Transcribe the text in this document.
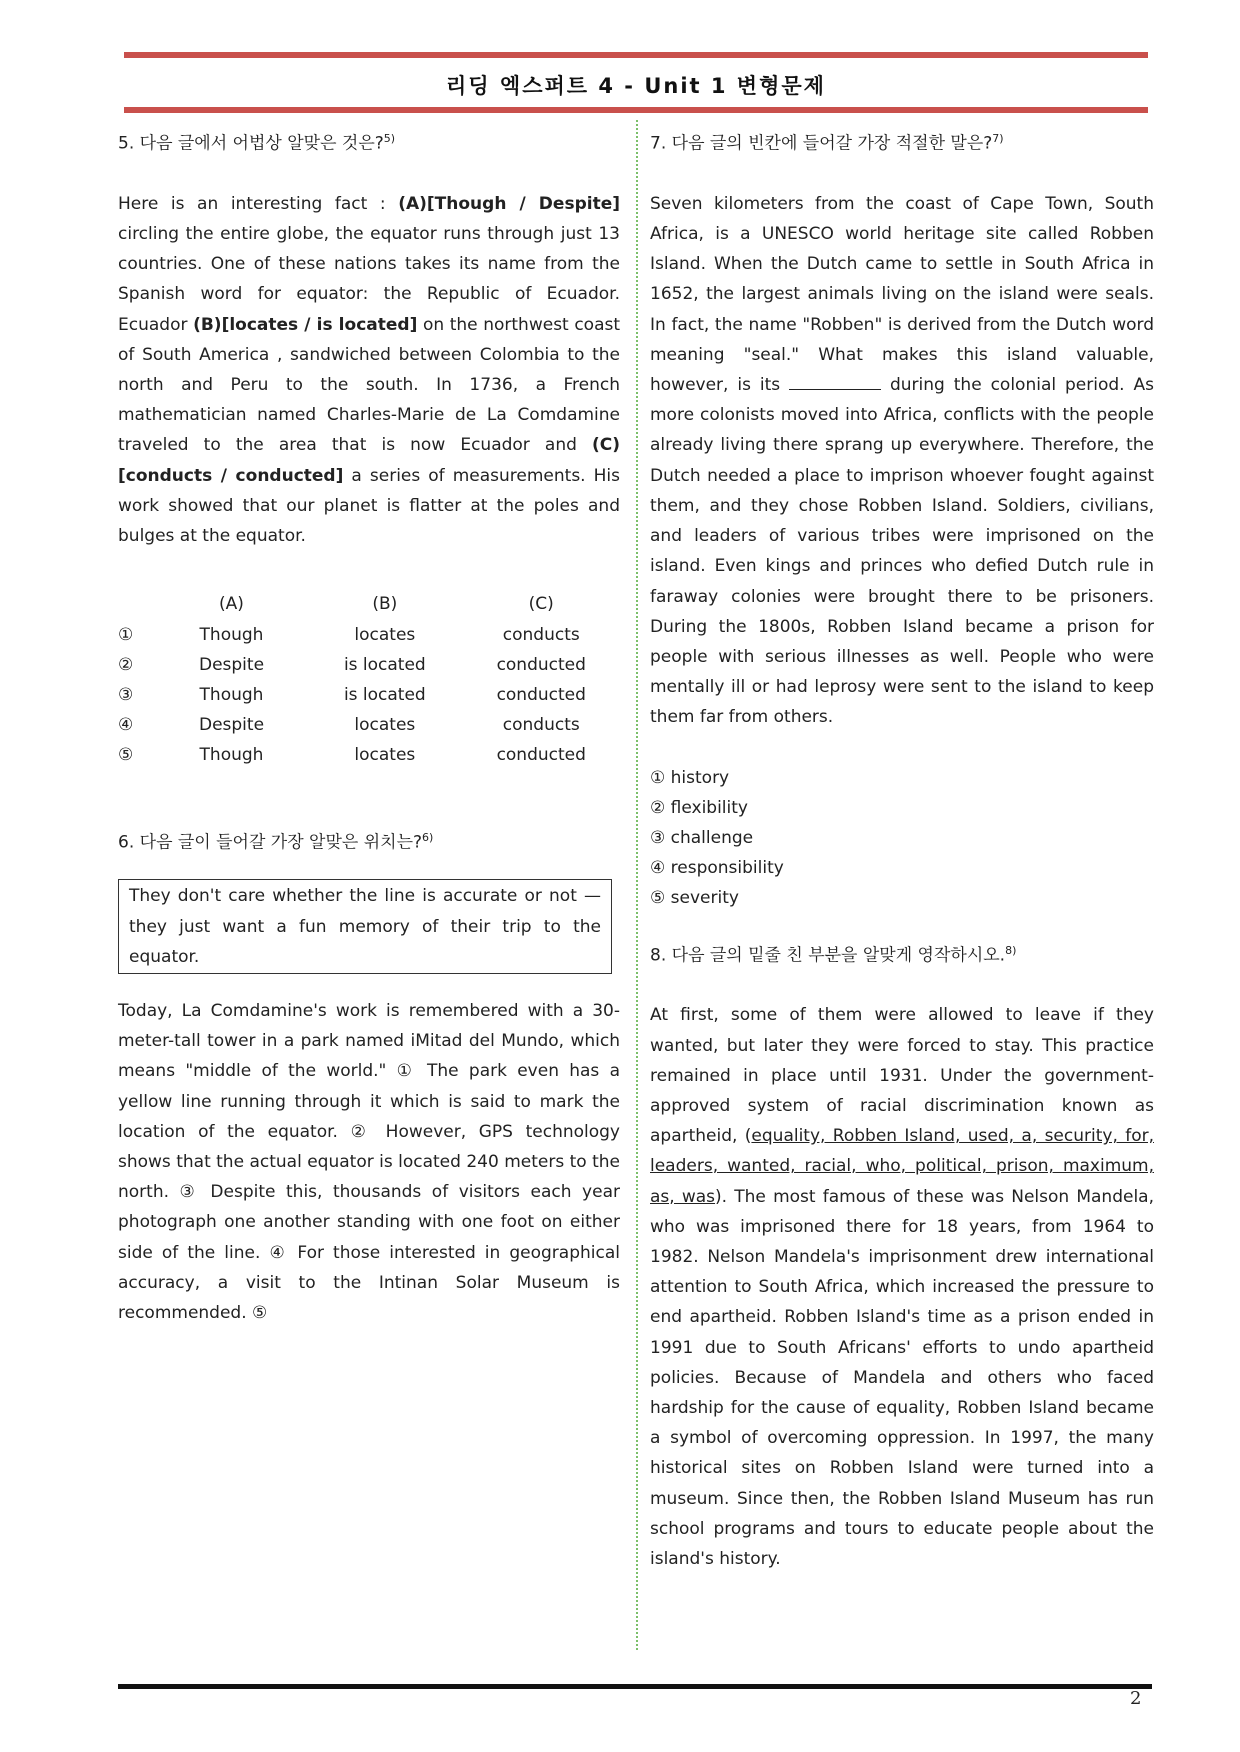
리딩 엑스퍼트 4 - Unit 1 변형문제
5. 다음 글에서 어법상 알맞은 것은?$^{5)}$

Here is an interesting fact : (A)[Though / Despite] circling the entire globe, the equator runs through just 13 countries. One of these nations takes its name from the Spanish word for equator: the Republic of Ecuador. Ecuador (B)[locates / is located] on the northwest coast of South America , sandwiched between Colombia to the north and Peru to the south. In 1736, a French mathematician named Charles-Marie de La Comdamine traveled to the area that is now Ecuador and (C)[conducts / conducted] a series of measurements. His work showed that our planet is flatter at the poles and bulges at the equator.

	(A)	(B)	(C)
①	Though	locates	conducts
②	Despite	is located	conducted
③	Though	is located	conducted
④	Despite	locates	conducts
⑤	Though	locates	conducted
6. 다음 글이 들어갈 가장 알맞은 위치는?$^{6)}$

They don't care whether the line is accurate or not — they just want a fun memory of their trip to the equator.

Today, La Comdamine's work is remembered with a 30-meter-tall tower in a park named iMitad del Mundo, which means "middle of the world." ① The park even has a yellow line running through it which is said to mark the location of the equator. ② However, GPS technology shows that the actual equator is located 240 meters to the north. ③ Despite this, thousands of visitors each year photograph one another standing with one foot on either side of the line. ④ For those interested in geographical accuracy, a visit to the Intinan Solar Museum is recommended. ⑤

7. 다음 글의 빈칸에 들어갈 가장 적절한 말은?$^{7)}$

Seven kilometers from the coast of Cape Town, South Africa, is a UNESCO world heritage site called Robben Island. When the Dutch came to settle in South Africa in 1652, the largest animals living on the island were seals. In fact, the name "Robben" is derived from the Dutch word meaning "seal." What makes this island valuable, however, is its	during the colonial period. As more colonists moved into Africa, conflicts with the people already living there sprang up everywhere. Therefore, the Dutch needed a place to imprison whoever fought against them, and they chose Robben Island. Soldiers, civilians, and leaders of various tribes were imprisoned on the island. Even kings and princes who defied Dutch rule in faraway colonies were brought there to be prisoners. During the 1800s, Robben Island became a prison for people with serious illnesses as well. People who were mentally ill or had leprosy were sent to the island to keep them far from others.

① history

② flexibility

③ challenge

④ responsibility

⑤ severity

8. 다음 글의 밑줄 친 부분을 알맞게 영작하시오.$^{8)}$

At first, some of them were allowed to leave if they wanted, but later they were forced to stay. This practice remained in place until 1931. Under the government-approved system of racial discrimination known as apartheid, (equality, Robben Island, used, a, security, for, leaders, wanted, racial, who, political, prison, maximum, as, was). The most famous of these was Nelson Mandela, who was imprisoned there for 18 years, from 1964 to 1982. Nelson Mandela's imprisonment drew international attention to South Africa, which increased the pressure to end apartheid. Robben Island's time as a prison ended in 1991 due to South Africans' efforts to undo apartheid policies. Because of Mandela and others who faced hardship for the cause of equality, Robben Island became a symbol of overcoming oppression. In 1997, the many historical sites on Robben Island were turned into a museum. Since then, the Robben Island Museum has run school programs and tours to educate people about the island's history.

2
